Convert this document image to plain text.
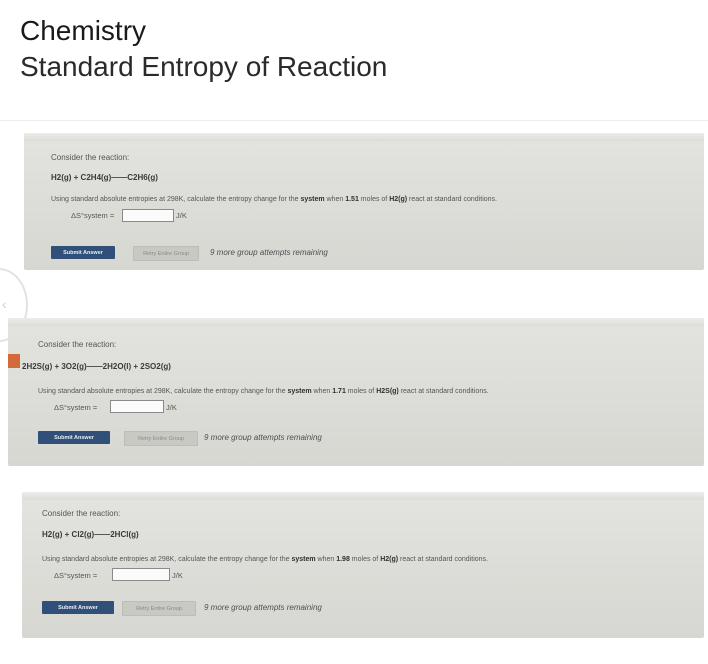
Chemistry
Standard Entropy of Reaction
‹
Consider the reaction:
H2(g) + C2H4(g)——C2H6(g)
Using standard absolute entropies at 298K, calculate the entropy change for the system when 1.51 moles of H2(g) react at standard conditions.
ΔS°system =	J/K
Submit Answer	Retry Entire Group	9 more group attempts remaining
Consider the reaction:
2H2S(g) + 3O2(g)——2H2O(l) + 2SO2(g)
Using standard absolute entropies at 298K, calculate the entropy change for the system when 1.71 moles of H2S(g) react at standard conditions.
ΔS°system =	J/K
Submit Answer	Retry Entire Group	9 more group attempts remaining
Consider the reaction:
H2(g) + Cl2(g)——2HCl(g)
Using standard absolute entropies at 298K, calculate the entropy change for the system when 1.98 moles of H2(g) react at standard conditions.
ΔS°system =	J/K
Submit Answer	Retry Entire Group	9 more group attempts remaining
